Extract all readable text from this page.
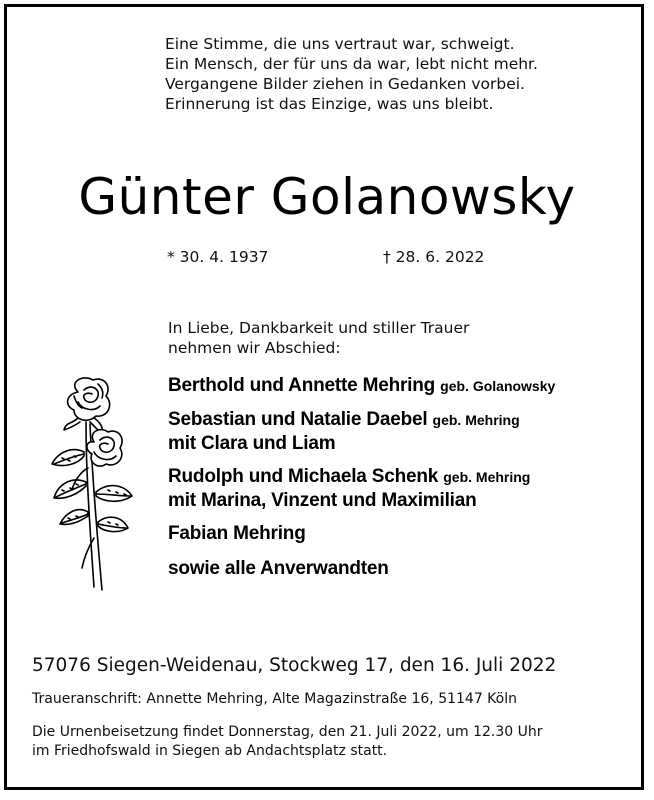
Eine Stimme, die uns vertraut war, schweigt.
Ein Mensch, der für uns da war, lebt nicht mehr.
Vergangene Bilder ziehen in Gedanken vorbei.
Erinnerung ist das Einzige, was uns bleibt.
Günter Golanowsky
* 30. 4. 1937	† 28. 6. 2022
In Liebe, Dankbarkeit und stiller Trauer
nehmen wir Abschied:
Berthold und Annette Mehring geb. Golanowsky
Sebastian und Natalie Daebel geb. Mehring
mit Clara und Liam
Rudolph und Michaela Schenk geb. Mehring
mit Marina, Vinzent und Maximilian
Fabian Mehring
sowie alle Anverwandten
57076 Siegen-Weidenau, Stockweg 17, den 16. Juli 2022
Traueranschrift: Annette Mehring, Alte Magazinstraße 16, 51147 Köln
Die Urnenbeisetzung findet Donnerstag, den 21. Juli 2022, um 12.30 Uhr
im Friedhofswald in Siegen ab Andachtsplatz statt.
